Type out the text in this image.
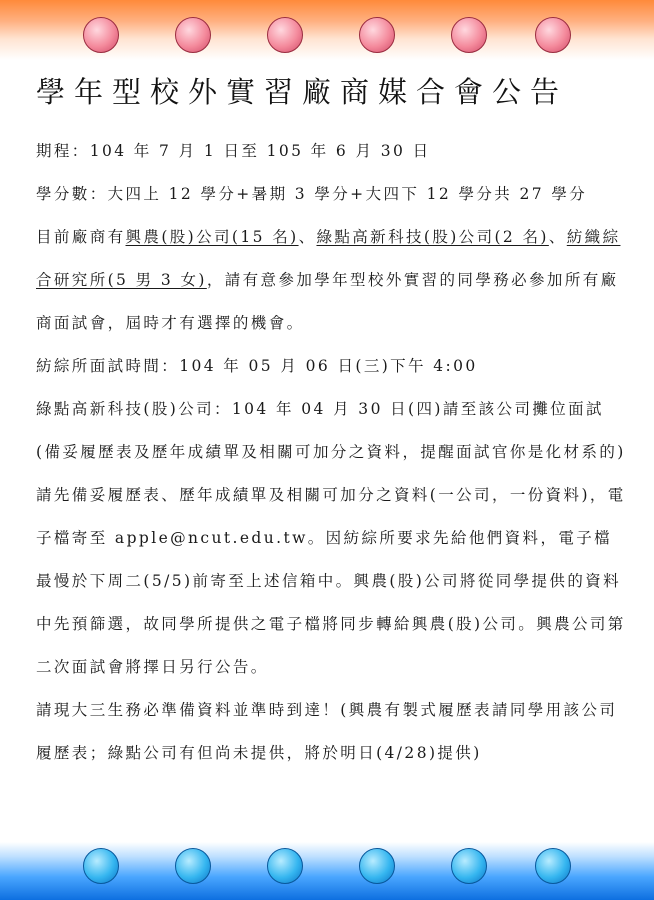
學年型校外實習廠商媒合會公告

期程：104 年 7 月 1 日至 105 年 6 月 30 日

學分數：大四上 12 學分+暑期 3 學分+大四下 12 學分共 27 學分

目前廠商有興農(股)公司(15 名)、綠點高新科技(股)公司(2 名)、紡織綜合研究所(5 男 3 女)，請有意參加學年型校外實習的同學務必參加所有廠商面試會，屆時才有選擇的機會。

紡綜所面試時間：104 年 05 月 06 日(三)下午 4:00

綠點高新科技(股)公司：104 年 04 月 30 日(四)請至該公司攤位面試(備妥履歷表及歷年成績單及相關可加分之資料，提醒面試官你是化材系的)

請先備妥履歷表、歷年成績單及相關可加分之資料(一公司，一份資料)，電子檔寄至 apple@ncut.edu.tw。因紡綜所要求先給他們資料，電子檔最慢於下周二(5/5)前寄至上述信箱中。興農(股)公司將從同學提供的資料中先預篩選，故同學所提供之電子檔將同步轉給興農(股)公司。興農公司第二次面試會將擇日另行公告。

請現大三生務必準備資料並準時到達！(興農有製式履歷表請同學用該公司履歷表；綠點公司有但尚未提供，將於明日(4/28)提供)
